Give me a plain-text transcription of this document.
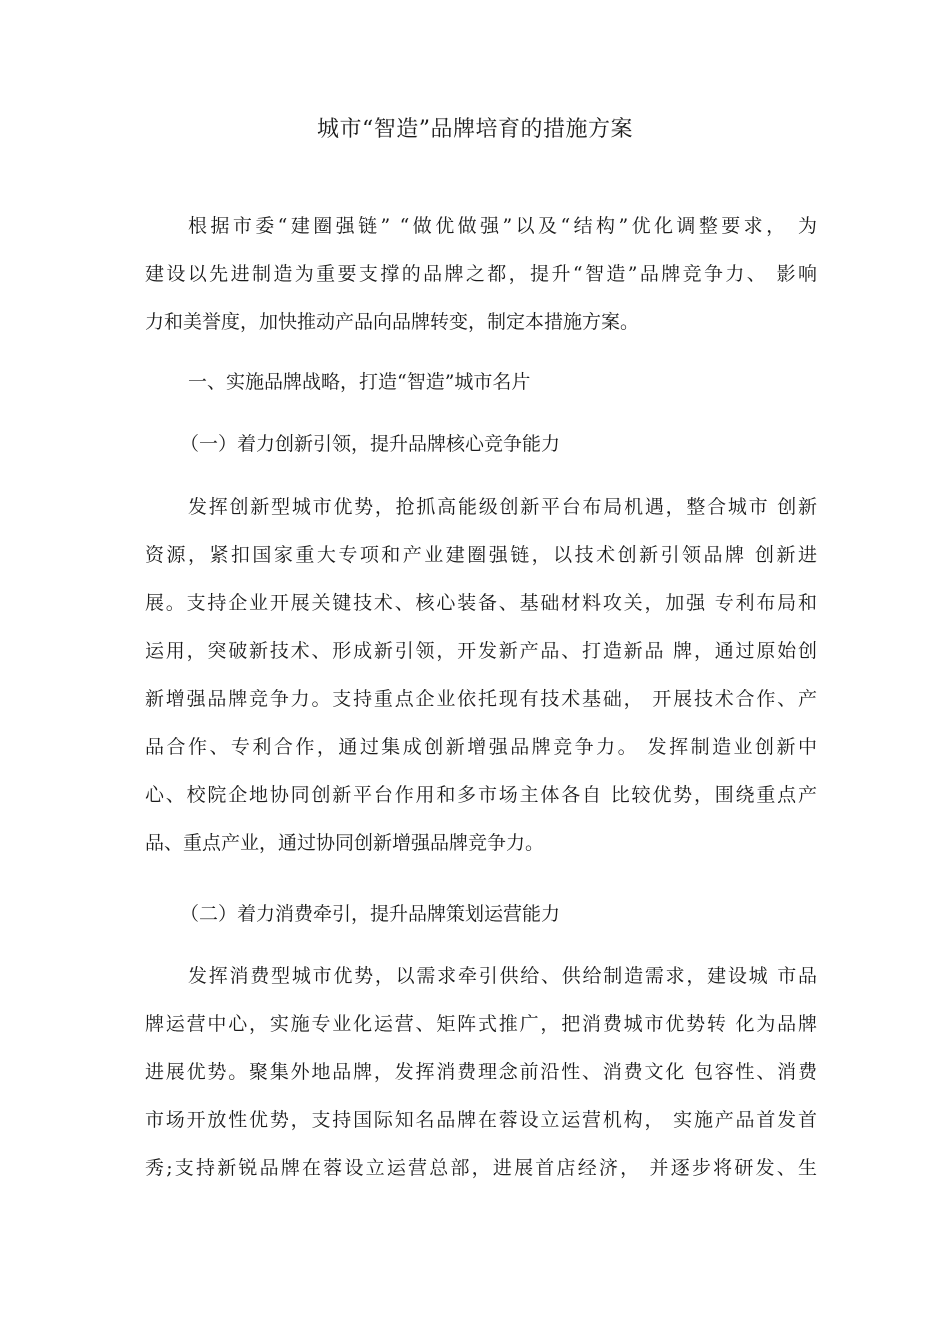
城市“智造”品牌培育的措施方案
根据市委“建圈强链” “做优做强”以及“结构”优化调整要求， 为
建设以先进制造为重要支撑的品牌之都，提升“智造”品牌竞争力、 影响
力和美誉度，加快推动产品向品牌转变，制定本措施方案。
一、实施品牌战略，打造“智造”城市名片
（一）着力创新引领，提升品牌核心竞争能力
发挥创新型城市优势，抢抓高能级创新平台布局机遇，整合城市 创新
资源，紧扣国家重大专项和产业建圈强链，以技术创新引领品牌 创新进
展。支持企业开展关键技术、核心装备、基础材料攻关，加强 专利布局和
运用，突破新技术、形成新引领，开发新产品、打造新品 牌，通过原始创
新增强品牌竞争力。支持重点企业依托现有技术基础， 开展技术合作、产
品合作、专利合作，通过集成创新增强品牌竞争力。 发挥制造业创新中
心、校院企地协同创新平台作用和多市场主体各自 比较优势，围绕重点产
品、重点产业，通过协同创新增强品牌竞争力。
（二）着力消费牵引，提升品牌策划运营能力
发挥消费型城市优势，以需求牵引供给、供给制造需求，建设城 市品
牌运营中心，实施专业化运营、矩阵式推广，把消费城市优势转 化为品牌
进展优势。聚集外地品牌，发挥消费理念前沿性、消费文化 包容性、消费
市场开放性优势，支持国际知名品牌在蓉设立运营机构， 实施产品首发首
秀;支持新锐品牌在蓉设立运营总部，进展首店经济， 并逐步将研发、生
